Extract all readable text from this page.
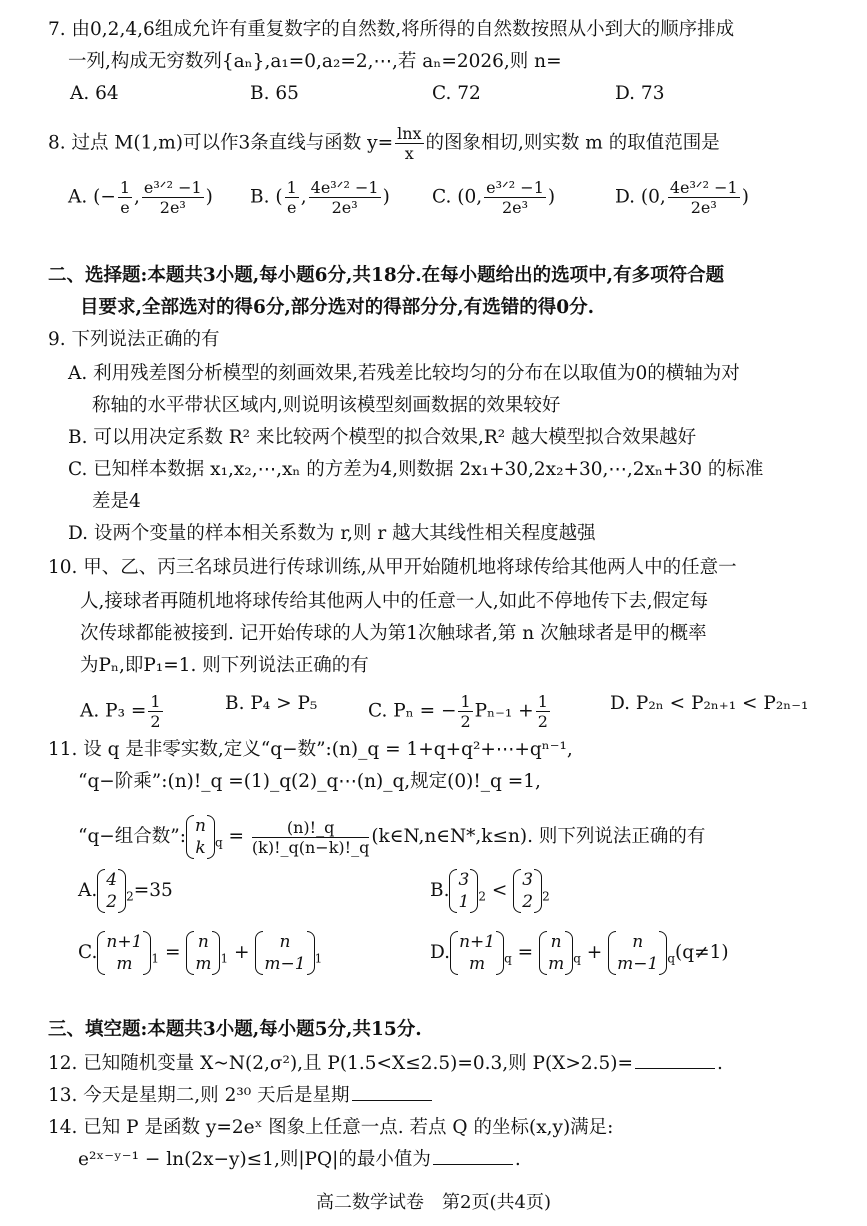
7. 由0,2,4,6组成允许有重复数字的自然数,将所得的自然数按照从小到大的顺序排成
一列,构成无穷数列{aₙ},a₁=0,a₂=2,⋯,若 aₙ=2026,则 n=
A. 64	B. 65	C. 72	D. 73
8. 过点 M(1,m)可以作3条直线与函数 $y= \frac{\ln x}{x}$ 的图象相切,则实数 m 的取值范围是
A. (− $\frac{1}{e}$ , $\frac{\text{e³ᐟ² −1}}{\text{2e³}}$ ) B. ( $\frac{1}{e}$ , $\frac{\text{4e³ᐟ² −1}}{\text{2e³}}$ ) C. (0, $\frac{\text{e³ᐟ² −1}}{\text{2e³}}$ )	D. (0, $\frac{\text{4e³ᐟ² −1}}{\text{2e³}}$ )
二、选择题:本题共3小题,每小题6分,共18分.在每小题给出的选项中,有多项符合题
目要求,全部选对的得6分,部分选对的得部分分,有选错的得0分.
9. 下列说法正确的有
A. 利用残差图分析模型的刻画效果,若残差比较均匀的分布在以取值为0的横轴为对
称轴的水平带状区域内,则说明该模型刻画数据的效果较好
B. 可以用决定系数 R² 来比较两个模型的拟合效果,R² 越大模型拟合效果越好
C. 已知样本数据 x₁,x₂,⋯,xₙ 的方差为4,则数据 2x₁+30,2x₂+30,⋯,2xₙ+30 的标准
差是4
D. 设两个变量的样本相关系数为 r,则 r 越大其线性相关程度越强
10. 甲、乙、丙三名球员进行传球训练,从甲开始随机地将球传给其他两人中的任意一
人,接球者再随机地将球传给其他两人中的任意一人,如此不停地传下去,假定每
次传球都能被接到. 记开始传球的人为第1次触球者,第 n 次触球者是甲的概率
为Pₙ,即P₁=1. 则下列说法正确的有
A. $P_3 = \frac{1}{2}$	B. P₄ > P₅	C. Pₙ = − $\frac{1}{2} P_{n-1} + \frac{1}{2}$	D. P₂ₙ < P₂ₙ₊₁ < P₂ₙ₋₁
11. 设 q 是非零实数,定义“q−数”:(n)_q = 1+q+q²+⋯+qⁿ⁻¹,
“q−阶乘”:(n)!_q =(1)_q(2)_q⋯(n)_q,规定(0)!_q =1,
“q−组合数”: n
k $_q = \frac{(n)!\_q}{(k)!\_q(n-k)!\_q}$ (k∈N,n∈N*,k≤n). 则下列说法正确的有
A. 4
2 $_2$=35	B. 3
1 $_2$ < 3
2 $_2$
C. n+1
m	$_1$ = n
m $_1$ +	n
m−1 $_1$	D. n+1
m	$_q$ = n
m $_q$ +	n
m−1 $_q$(q≠1)
三、填空题:本题共3小题,每小题5分,共15分.
12. 已知随机变量 X~N(2,σ²),且 P(1.5<X≤2.5)=0.3,则 P(X>2.5)=	.
13. 今天是星期二,则 2³⁰ 天后是星期
14. 已知 P 是函数 y=2eˣ 图象上任意一点. 若点 Q 的坐标(x,y)满足:
e²ˣ⁻ʸ⁻¹ − ln(2x−y)≤1,则|PQ|的最小值为	.
高二数学试卷　第2页(共4页)
